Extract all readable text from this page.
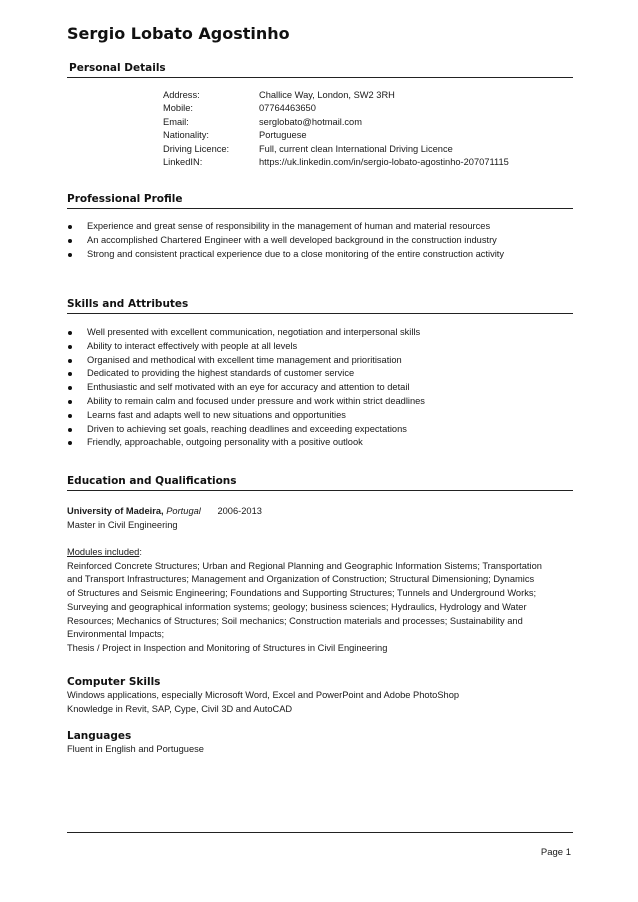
Sergio Lobato Agostinho
Personal Details
Address:	Challice Way, London, SW2 3RH
Mobile:	07764463650
Email:	serglobato@hotmail.com
Nationality:	Portuguese
Driving Licence:	Full, current clean International Driving Licence
LinkedIN:	https://uk.linkedin.com/in/sergio-lobato-agostinho-207071115
Professional Profile
Experience and great sense of responsibility in the management of human and material resources
An accomplished Chartered Engineer with a well developed background in the construction industry
Strong and consistent practical experience due to a close monitoring of the entire construction activity
Skills and Attributes
Well presented with excellent communication, negotiation and interpersonal skills
Ability to interact effectively with people at all levels
Organised and methodical with excellent time management and prioritisation
Dedicated to providing the highest standards of customer service
Enthusiastic and self motivated with an eye for accuracy and attention to detail
Ability to remain calm and focused under pressure and work within strict deadlines
Learns fast and adapts well to new situations and opportunities
Driven to achieving set goals, reaching deadlines and exceeding expectations
Friendly, approachable, outgoing personality with a positive outlook
Education and Qualifications
University of Madeira, Portugal 2006-2013
Master in Civil Engineering
Modules included:
Reinforced Concrete Structures; Urban and Regional Planning and Geographic Information Sistems; Transportation
and Transport Infrastructures; Management and Organization of Construction; Structural Dimensioning; Dynamics
of Structures and Seismic Engineering; Foundations and Supporting Structures; Tunnels and Underground Works;
Surveying and geographical information systems; geology; business sciences; Hydraulics, Hydrology and Water
Resources; Mechanics of Structures; Soil mechanics; Construction materials and processes; Sustainability and
Environmental Impacts;
Thesis / Project in Inspection and Monitoring of Structures in Civil Engineering
Computer Skills
Windows applications, especially Microsoft Word, Excel and PowerPoint and Adobe PhotoShop
Knowledge in Revit, SAP, Cype, Civil 3D and AutoCAD
Languages
Fluent in English and Portuguese
Page 1
